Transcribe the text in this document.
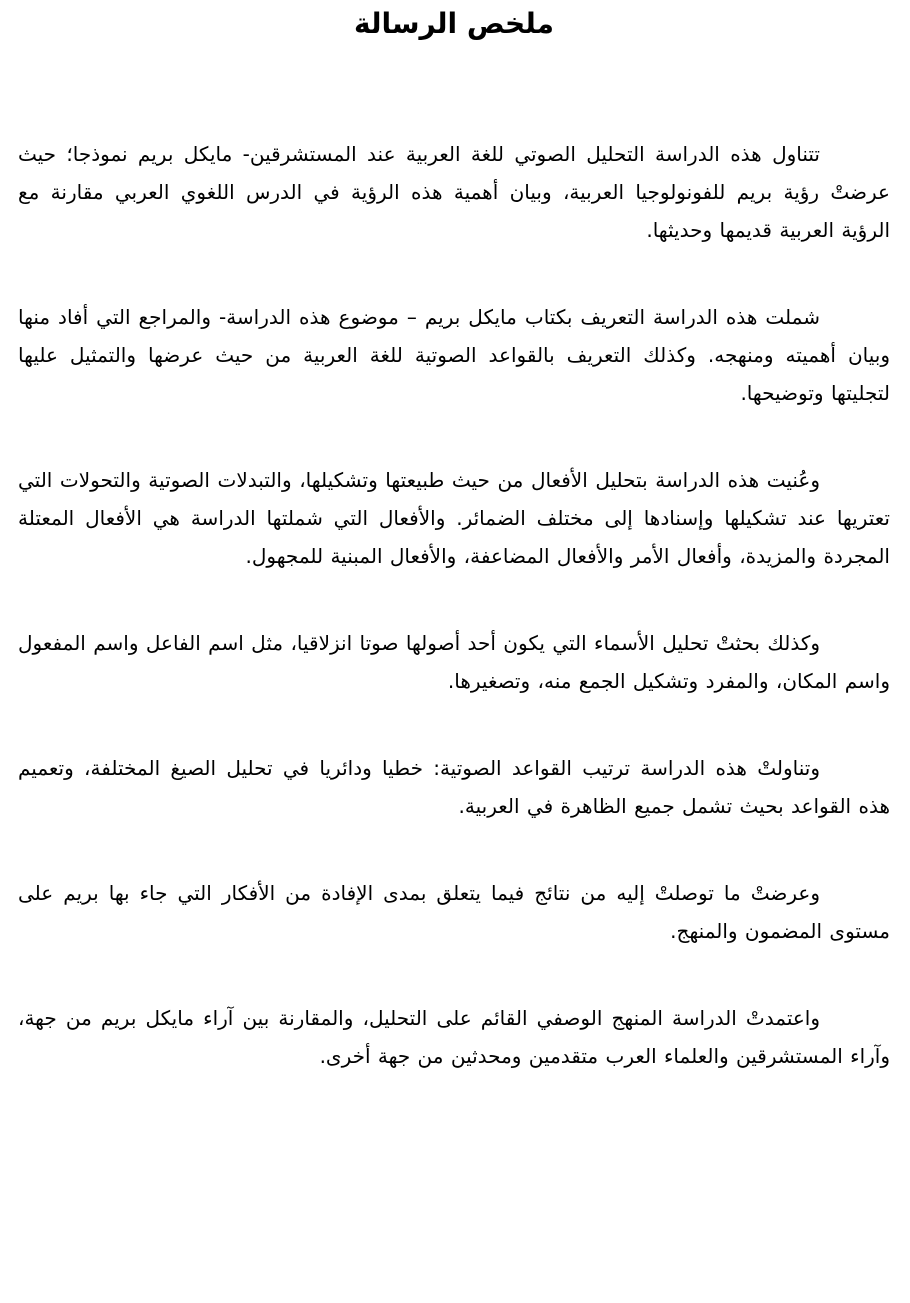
ملخص الرسالة

تتناول هذه الدراسة التحليل الصوتي للغة العربية عند المستشرقين- مايكل بريم نموذجا؛ حيث عرضتْ رؤية بريم للفونولوجيا العربية، وبيان أهمية هذه الرؤية في الدرس اللغوي العربي مقارنة مع الرؤية العربية قديمها وحديثها.

شملت هذه الدراسة التعريف بكتاب مايكل بريم – موضوع هذه الدراسة- والمراجع التي أفاد منها وبيان أهميته ومنهجه. وكذلك التعريف بالقواعد الصوتية للغة العربية من حيث عرضها والتمثيل عليها لتجليتها وتوضيحها.

وعُنيت هذه الدراسة بتحليل الأفعال من حيث طبيعتها وتشكيلها، والتبدلات الصوتية والتحولات التي تعتريها عند تشكيلها وإسنادها إلى مختلف الضمائر. والأفعال التي شملتها الدراسة هي الأفعال المعتلة المجردة والمزيدة، وأفعال الأمر والأفعال المضاعفة، والأفعال المبنية للمجهول.

وكذلك بحثتْ تحليل الأسماء التي يكون أحد أصولها صوتا انزلاقيا، مثل اسم الفاعل واسم المفعول واسم المكان، والمفرد وتشكيل الجمع منه، وتصغيرها.

وتناولتْ هذه الدراسة ترتيب القواعد الصوتية: خطيا ودائريا في تحليل الصيغ المختلفة، وتعميم هذه القواعد بحيث تشمل جميع الظاهرة في العربية.

وعرضتْ ما توصلتْ إليه من نتائج فيما يتعلق بمدى الإفادة من الأفكار التي جاء بها بريم على مستوى المضمون والمنهج.

واعتمدتْ الدراسة المنهج الوصفي القائم على التحليل، والمقارنة بين آراء مايكل بريم من جهة، وآراء المستشرقين والعلماء العرب متقدمين ومحدثين من جهة أخرى.
